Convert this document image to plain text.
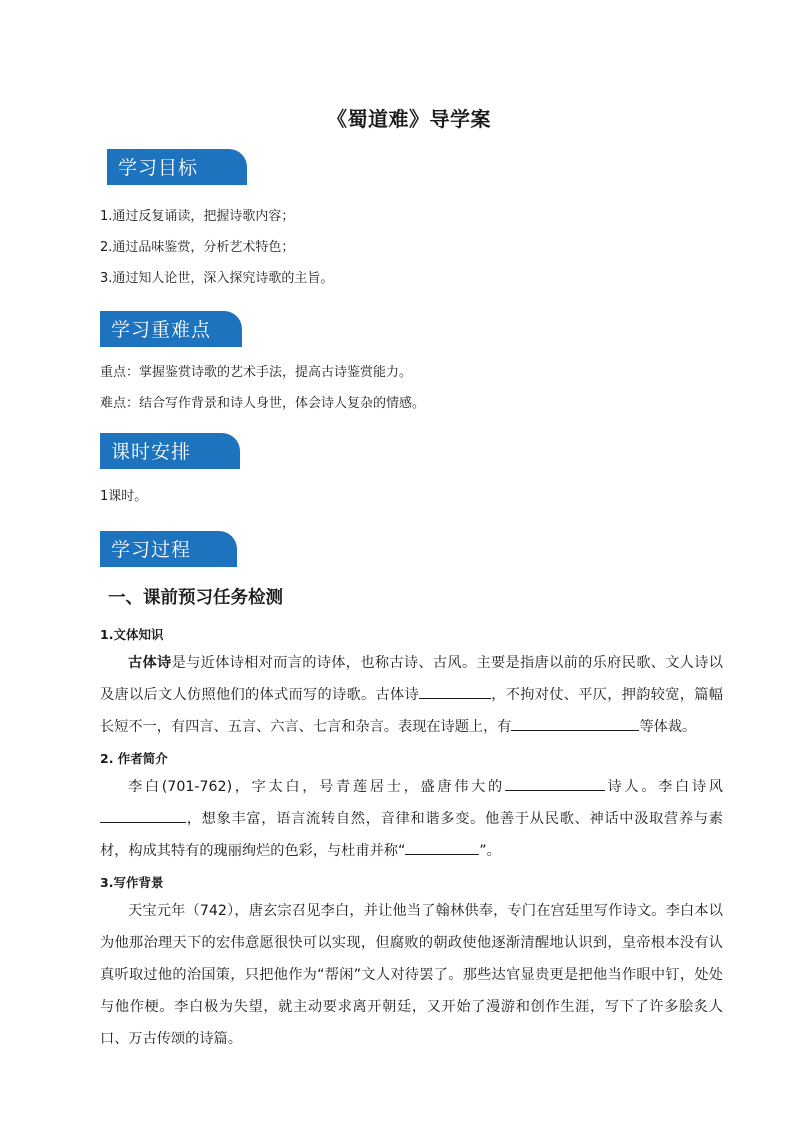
《蜀道难》导学案
学习目标
1.通过反复诵读，把握诗歌内容；
2.通过品味鉴赏，分析艺术特色；
3.通过知人论世，深入探究诗歌的主旨。
学习重难点
重点：掌握鉴赏诗歌的艺术手法，提高古诗鉴赏能力。
难点：结合写作背景和诗人身世，体会诗人复杂的情感。
课时安排
1课时。
学习过程
一、课前预习任务检测
1.文体知识
古体诗是与近体诗相对而言的诗体，也称古诗、古风。主要是指唐以前的乐府民歌、文人诗以及唐以后文人仿照他们的体式而写的诗歌。古体诗	，不拘对仗、平仄，押韵较宽，篇幅长短不一，有四言、五言、六言、七言和杂言。表现在诗题上，有	等体裁。
2. 作者简介
李白(701-762)，字太白，号青莲居士，盛唐伟大的	诗人。李白诗风，想象丰富，语言流转自然，音律和谐多变。他善于从民歌、神话中汲取营养与素材，构成其特有的瑰丽绚烂的色彩，与杜甫并称“	”。
3.写作背景
天宝元年（742），唐玄宗召见李白，并让他当了翰林供奉，专门在宫廷里写作诗文。李白本以为他那治理天下的宏伟意愿很快可以实现，但腐败的朝政使他逐渐清醒地认识到，皇帝根本没有认真听取过他的治国策，只把他作为“帮闲”文人对待罢了。那些达官显贵更是把他当作眼中钉，处处与他作梗。李白极为失望，就主动要求离开朝廷，又开始了漫游和创作生涯，写下了许多脍炙人口、万古传颂的诗篇。
